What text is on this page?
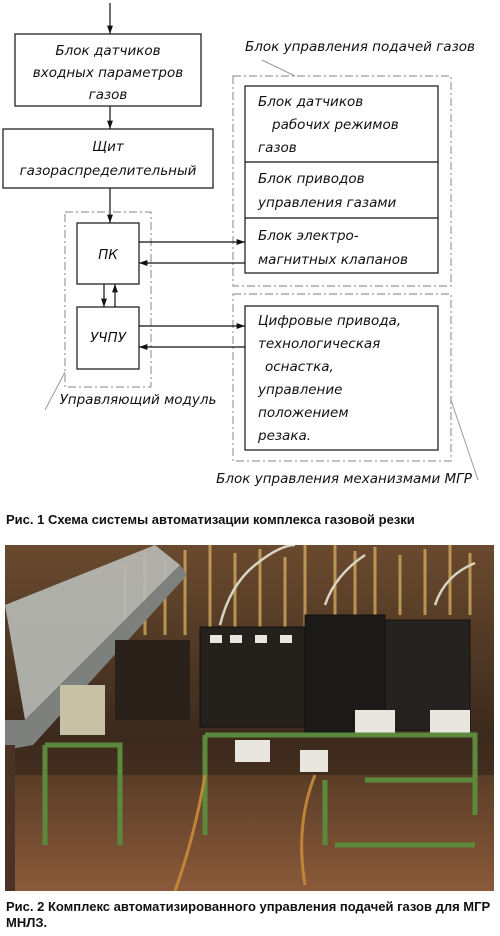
Блок датчиков
входных параметров
газов
Щит
газораспределительный
ПК
УЧПУ
Управляющий модуль
Блок управления подачей газов
Блок датчиков
рабочих режимов
газов
Блок приводов
управления газами
Блок электро-
магнитных клапанов
Цифровые привода,
технологическая
оснастка,
управление
положением
резака.
Блок управления механизмами МГР
Рис. 1 Схема системы автоматизации комплекса газовой резки
Рис. 2 Комплекс автоматизированного управления подачей газов для МГР МНЛЗ.
